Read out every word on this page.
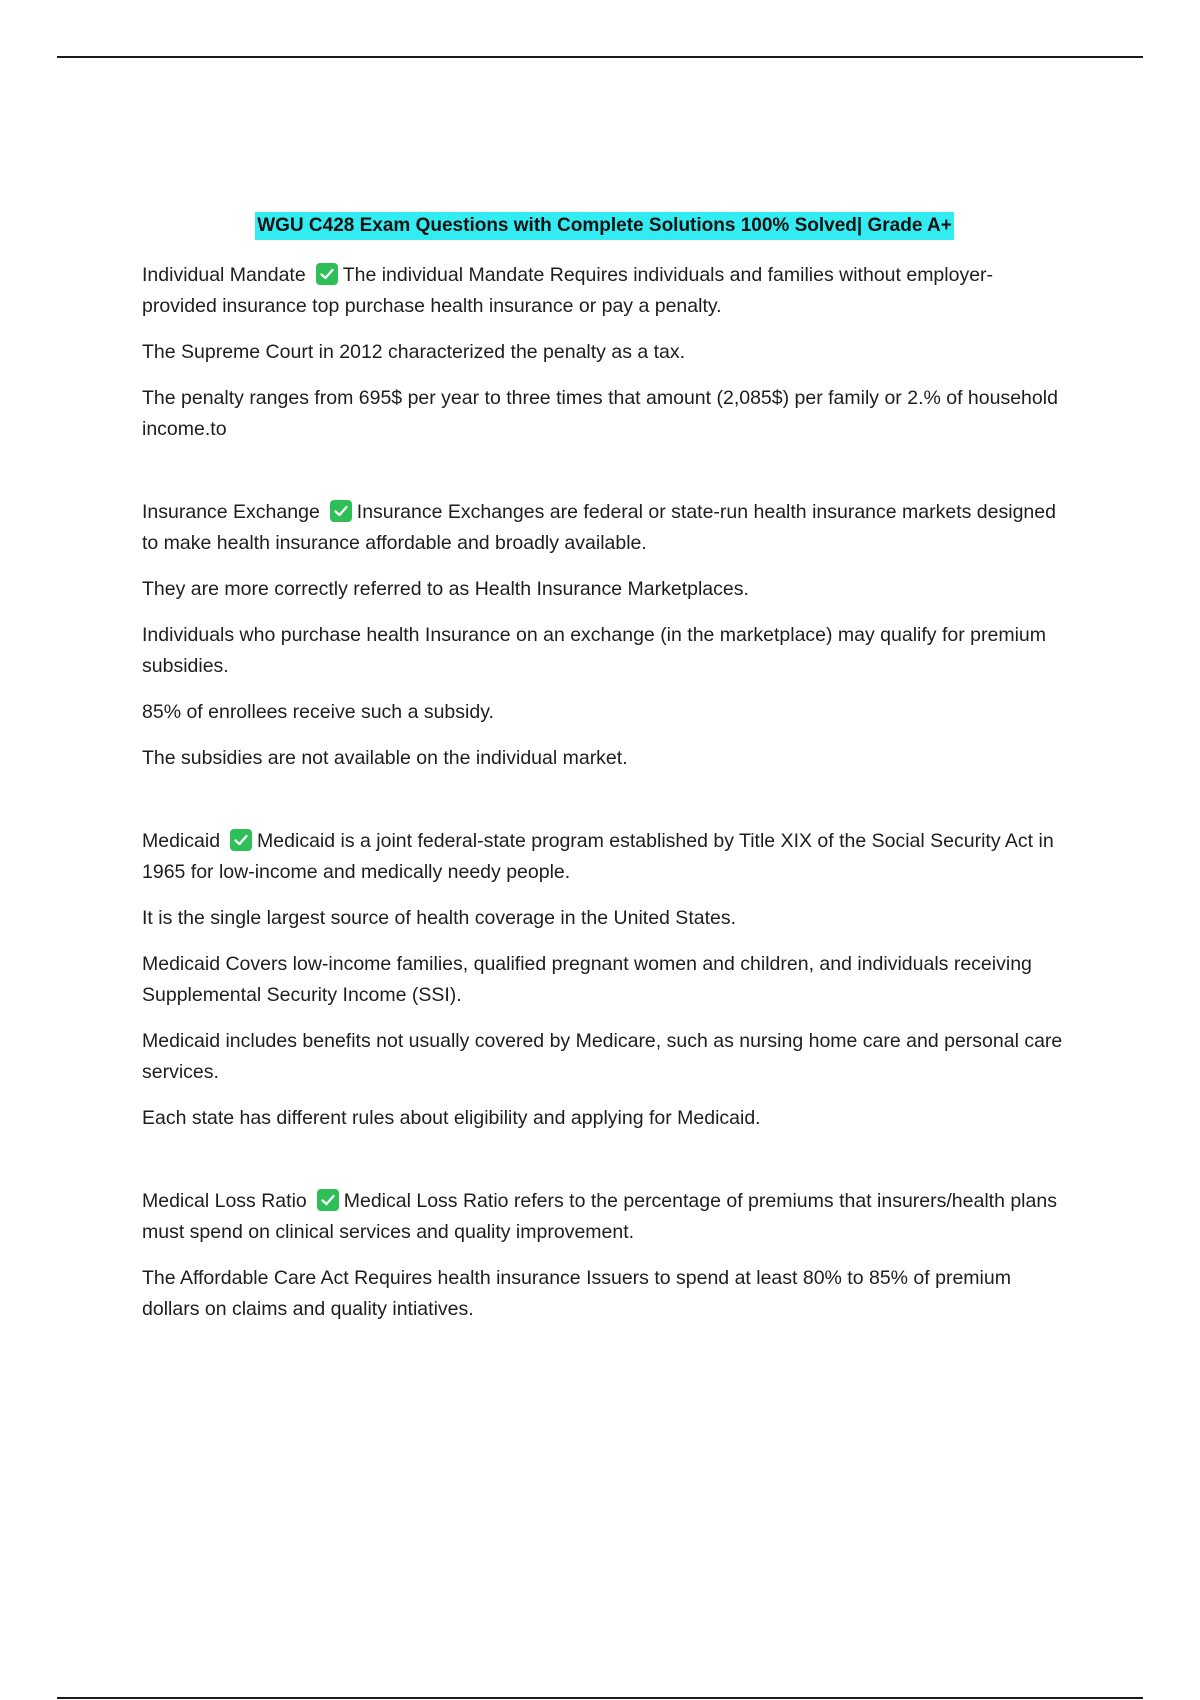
WGU C428 Exam Questions with Complete Solutions 100% Solved| Grade A+

Individual Mandate The individual Mandate Requires individuals and families without employer-provided insurance top purchase health insurance or pay a penalty.

The Supreme Court in 2012 characterized the penalty as a tax.

The penalty ranges from 695$ per year to three times that amount (2,085$) per family or 2.% of household income.to

Insurance Exchange Insurance Exchanges are federal or state-run health insurance markets designed to make health insurance affordable and broadly available.

They are more correctly referred to as Health Insurance Marketplaces.

Individuals who purchase health Insurance on an exchange (in the marketplace) may qualify for premium subsidies.

85% of enrollees receive such a subsidy.

The subsidies are not available on the individual market.

Medicaid Medicaid is a joint federal-state program established by Title XIX of the Social Security Act in 1965 for low-income and medically needy people.

It is the single largest source of health coverage in the United States.

Medicaid Covers low-income families, qualified pregnant women and children, and individuals receiving Supplemental Security Income (SSI).

Medicaid includes benefits not usually covered by Medicare, such as nursing home care and personal care services.

Each state has different rules about eligibility and applying for Medicaid.

Medical Loss Ratio Medical Loss Ratio refers to the percentage of premiums that insurers/health plans must spend on clinical services and quality improvement.

The Affordable Care Act Requires health insurance Issuers to spend at least 80% to 85% of premium dollars on claims and quality intiatives.
